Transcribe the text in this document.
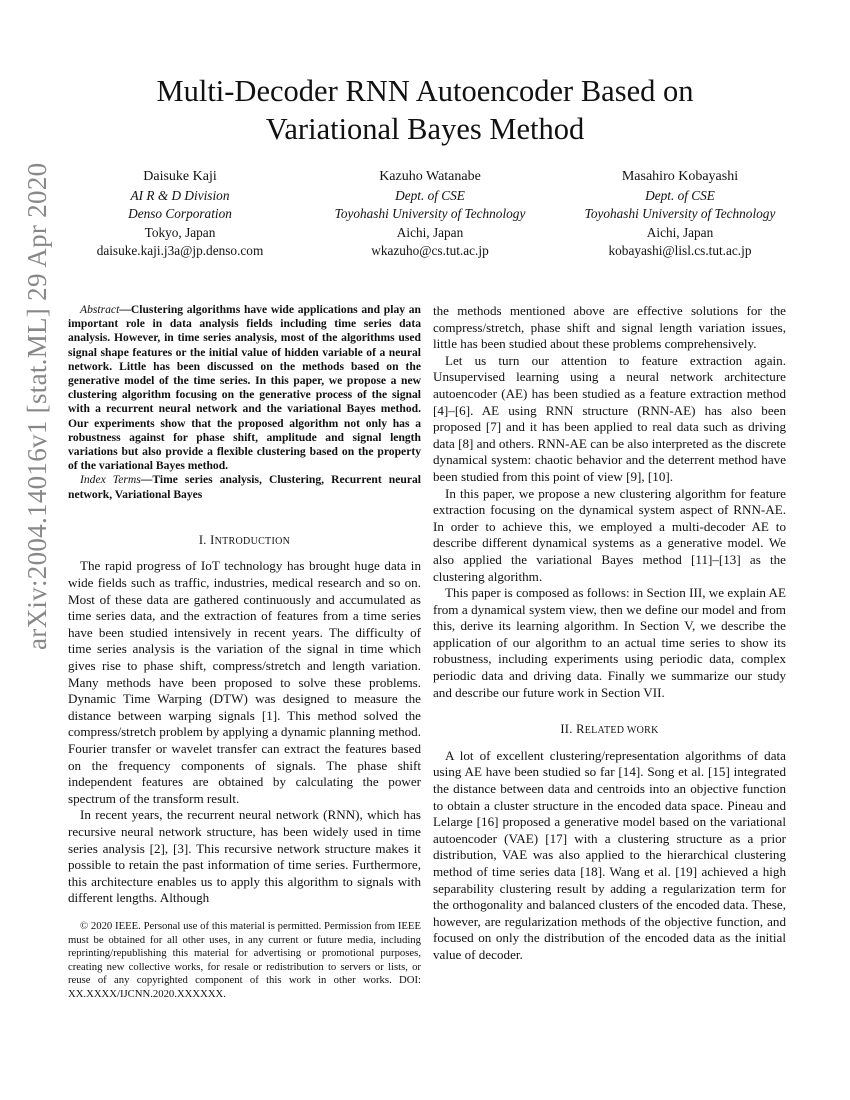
Multi-Decoder RNN Autoencoder Based on
Variational Bayes Method
Daisuke Kaji
AI R & D Division
Denso Corporation
Tokyo, Japan
daisuke.kaji.j3a@jp.denso.com
Kazuho Watanabe
Dept. of CSE
Toyohashi University of Technology
Aichi, Japan
wkazuho@cs.tut.ac.jp
Masahiro Kobayashi
Dept. of CSE
Toyohashi University of Technology
Aichi, Japan
kobayashi@lisl.cs.tut.ac.jp
arXiv:2004.14016v1 [stat.ML] 29 Apr 2020	Abstract—Clustering algorithms have wide applications and play an important role in data analysis fields including time series data analysis. However, in time series analysis, most of the algorithms used signal shape features or the initial value of hidden variable of a neural network. Little has been discussed on the methods based on the generative model of the time series. In this paper, we propose a new clustering algorithm focusing on the generative process of the signal with a recurrent neural network and the variational Bayes method. Our experiments show that the proposed algorithm not only has a robustness against for phase shift, amplitude and signal length variations but also provide a flexible clustering based on the property of the variational Bayes method.

Index Terms—Time series analysis, Clustering, Recurrent neural network, Variational Bayes

I. INTRODUCTION

The rapid progress of IoT technology has brought huge data in wide fields such as traffic, industries, medical research and so on. Most of these data are gathered continuously and accumulated as time series data, and the extraction of features from a time series have been studied intensively in recent years. The difficulty of time series analysis is the variation of the signal in time which gives rise to phase shift, compress/stretch and length variation. Many methods have been proposed to solve these problems. Dynamic Time Warping (DTW) was designed to measure the distance between warping signals [1]. This method solved the compress/stretch problem by applying a dynamic planning method. Fourier transfer or wavelet transfer can extract the features based on the frequency components of signals. The phase shift independent features are obtained by calculating the power spectrum of the transform result.

In recent years, the recurrent neural network (RNN), which has recursive neural network structure, has been widely used in time series analysis [2], [3]. This recursive network structure makes it possible to retain the past information of time series. Furthermore, this architecture enables us to apply this algorithm to signals with different lengths. Although

© 2020 IEEE. Personal use of this material is permitted. Permission from IEEE must be obtained for all other uses, in any current or future media, including reprinting/republishing this material for advertising or promotional purposes, creating new collective works, for resale or redistribution to servers or lists, or reuse of any copyrighted component of this work in other works. DOI: XX.XXXX/IJCNN.2020.XXXXXX.

the methods mentioned above are effective solutions for the compress/stretch, phase shift and signal length variation issues, little has been studied about these problems comprehensively.

Let us turn our attention to feature extraction again. Unsupervised learning using a neural network architecture autoencoder (AE) has been studied as a feature extraction method [4]–[6]. AE using RNN structure (RNN-AE) has also been proposed [7] and it has been applied to real data such as driving data [8] and others. RNN-AE can be also interpreted as the discrete dynamical system: chaotic behavior and the deterrent method have been studied from this point of view [9], [10].

In this paper, we propose a new clustering algorithm for feature extraction focusing on the dynamical system aspect of RNN-AE. In order to achieve this, we employed a multi-decoder AE to describe different dynamical systems as a generative model. We also applied the variational Bayes method [11]–[13] as the clustering algorithm.

This paper is composed as follows: in Section III, we explain AE from a dynamical system view, then we define our model and from this, derive its learning algorithm. In Section V, we describe the application of our algorithm to an actual time series to show its robustness, including experiments using periodic data, complex periodic data and driving data. Finally we summarize our study and describe our future work in Section VII.

II. RELATED WORK

A lot of excellent clustering/representation algorithms of data using AE have been studied so far [14]. Song et al. [15] integrated the distance between data and centroids into an objective function to obtain a cluster structure in the encoded data space. Pineau and Lelarge [16] proposed a generative model based on the variational autoencoder (VAE) [17] with a clustering structure as a prior distribution, VAE was also applied to the hierarchical clustering method of time series data [18]. Wang et al. [19] achieved a high separability clustering result by adding a regularization term for the orthogonality and balanced clusters of the encoded data. These, however, are regularization methods of the objective function, and focused on only the distribution of the encoded data as the initial value of decoder.
